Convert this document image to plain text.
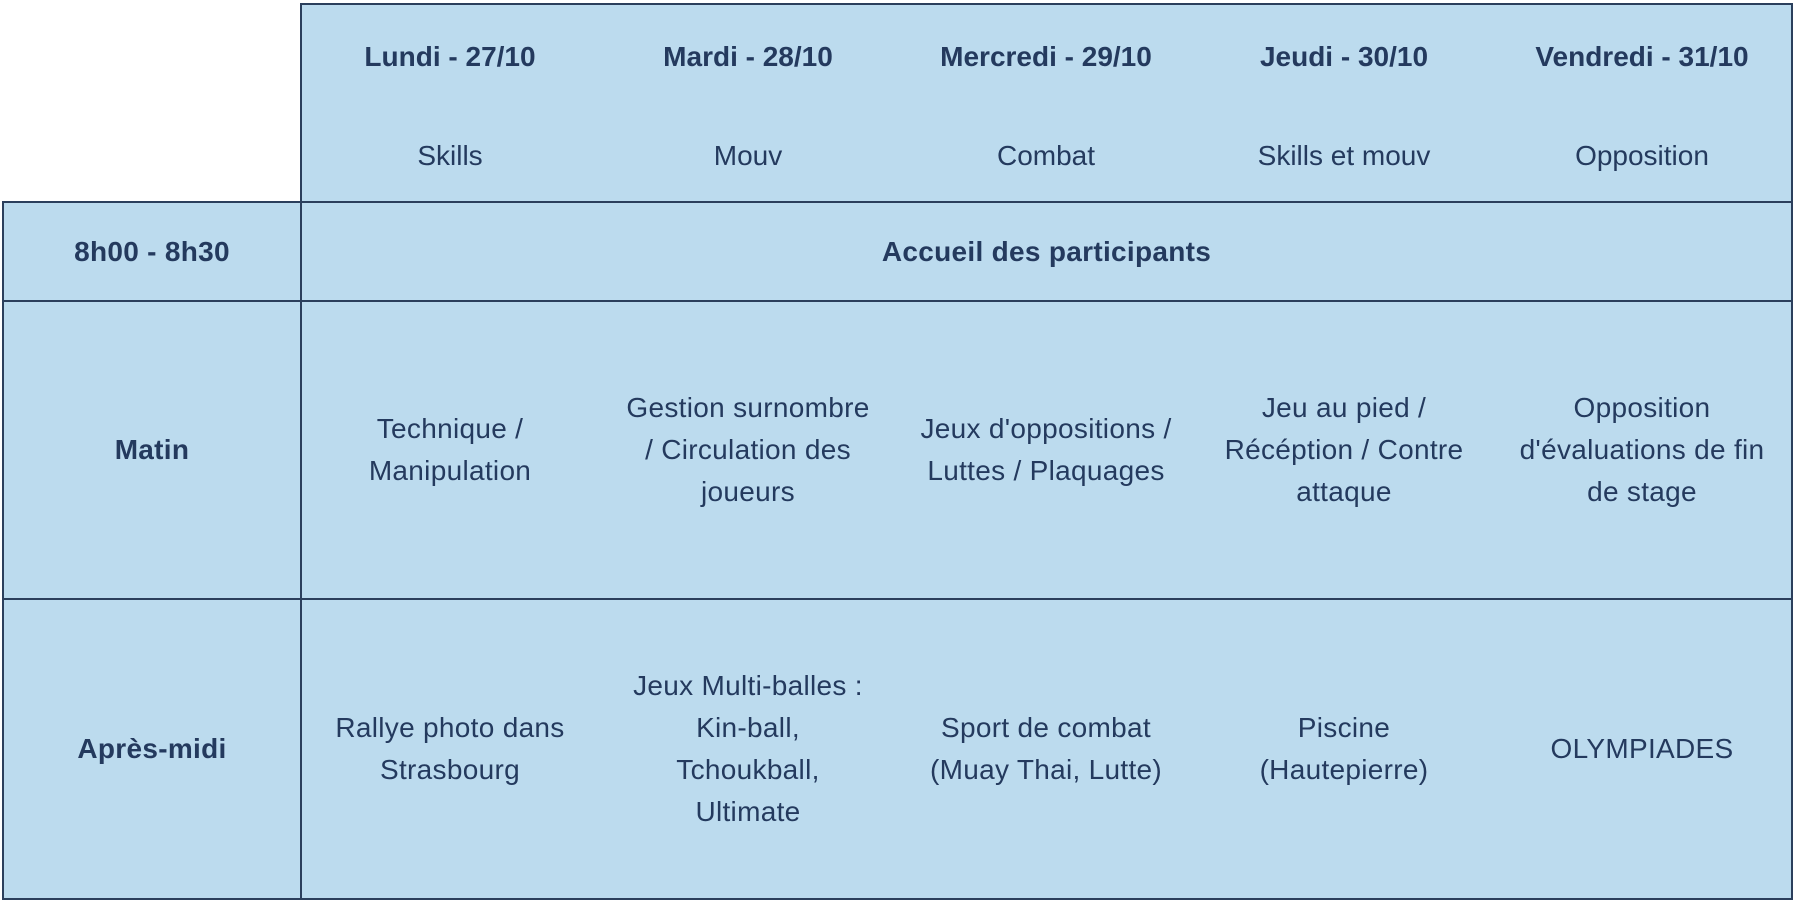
Lundi - 27/10
Skills
Mardi - 28/10
Mouv
Mercredi - 29/10
Combat
Jeudi - 30/10
Skills et mouv
Vendredi - 31/10
Opposition
8h00 - 8h30	Accueil des participants
Matin
Technique /
Manipulation
Gestion surnombre
/ Circulation des
joueurs
Jeux d'oppositions /
Luttes / Plaquages
Jeu au pied /
Récéption / Contre
attaque
Opposition
d'évaluations de fin
de stage
Après-midi
Rallye photo dans
Strasbourg
Jeux Multi-balles :
Kin-ball,
Tchoukball,
Ultimate
Sport de combat
(Muay Thai, Lutte)
Piscine
(Hautepierre)
OLYMPIADES
